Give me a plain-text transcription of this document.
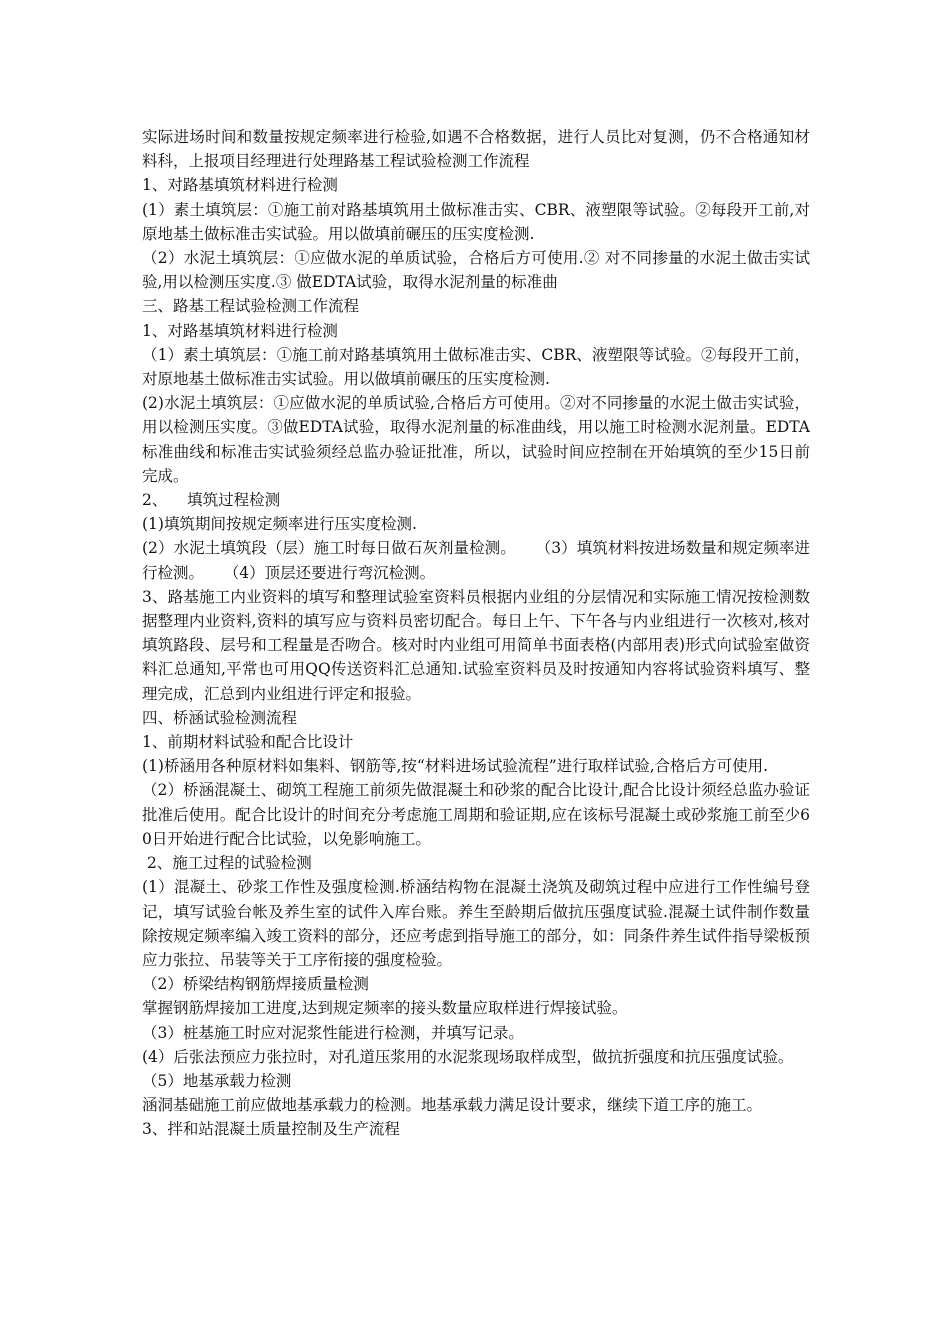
实际进场时间和数量按规定频率进行检验,如遇不合格数据，进行人员比对复测，仍不合格通知材料科，上报项目经理进行处理路基工程试验检测工作流程

1、对路基填筑材料进行检测

(1）素土填筑层：①施工前对路基填筑用土做标准击实、CBR、液塑限等试验。②每段开工前,对原地基土做标准击实试验。用以做填前碾压的压实度检测.

（2）水泥土填筑层：①应做水泥的单质试验，合格后方可使用.② 对不同掺量的水泥土做击实试验,用以检测压实度.③ 做EDTA试验，取得水泥剂量的标准曲

三、路基工程试验检测工作流程

1、对路基填筑材料进行检测

（1）素土填筑层：①施工前对路基填筑用土做标准击实、CBR、液塑限等试验。②每段开工前，对原地基土做标准击实试验。用以做填前碾压的压实度检测.

(2)水泥土填筑层：①应做水泥的单质试验,合格后方可使用。②对不同掺量的水泥土做击实试验，用以检测压实度。③做EDTA试验，取得水泥剂量的标准曲线，用以施工时检测水泥剂量。EDTA标准曲线和标准击实试验须经总监办验证批准，所以，试验时间应控制在开始填筑的至少15日前完成。

2、    填筑过程检测

(1)填筑期间按规定频率进行压实度检测.

(2）水泥土填筑段（层）施工时每日做石灰剂量检测。    （3）填筑材料按进场数量和规定频率进行检测。    （4）顶层还要进行弯沉检测。

3、路基施工内业资料的填写和整理试验室资料员根据内业组的分层情况和实际施工情况按检测数据整理内业资料,资料的填写应与资料员密切配合。每日上午、下午各与内业组进行一次核对,核对填筑路段、层号和工程量是否吻合。核对时内业组可用简单书面表格(内部用表)形式向试验室做资料汇总通知,平常也可用QQ传送资料汇总通知.试验室资料员及时按通知内容将试验资料填写、整理完成，汇总到内业组进行评定和报验。

四、桥涵试验检测流程

1、前期材料试验和配合比设计

(1)桥涵用各种原材料如集料、钢筋等,按“材料进场试验流程”进行取样试验,合格后方可使用.

（2）桥涵混凝土、砌筑工程施工前须先做混凝土和砂浆的配合比设计,配合比设计须经总监办验证批准后使用。配合比设计的时间充分考虑施工周期和验证期,应在该标号混凝土或砂浆施工前至少60日开始进行配合比试验，以免影响施工。

2、施工过程的试验检测

(1）混凝土、砂浆工作性及强度检测.桥涵结构物在混凝土浇筑及砌筑过程中应进行工作性编号登记，填写试验台帐及养生室的试件入库台账。养生至龄期后做抗压强度试验.混凝土试件制作数量除按规定频率编入竣工资料的部分，还应考虑到指导施工的部分，如：同条件养生试件指导梁板预应力张拉、吊装等关于工序衔接的强度检验。

（2）桥梁结构钢筋焊接质量检测

掌握钢筋焊接加工进度,达到规定频率的接头数量应取样进行焊接试验。

（3）桩基施工时应对泥浆性能进行检测，并填写记录。

(4）后张法预应力张拉时，对孔道压浆用的水泥浆现场取样成型，做抗折强度和抗压强度试验。

（5）地基承载力检测

涵洞基础施工前应做地基承载力的检测。地基承载力满足设计要求，继续下道工序的施工。

3、拌和站混凝土质量控制及生产流程
